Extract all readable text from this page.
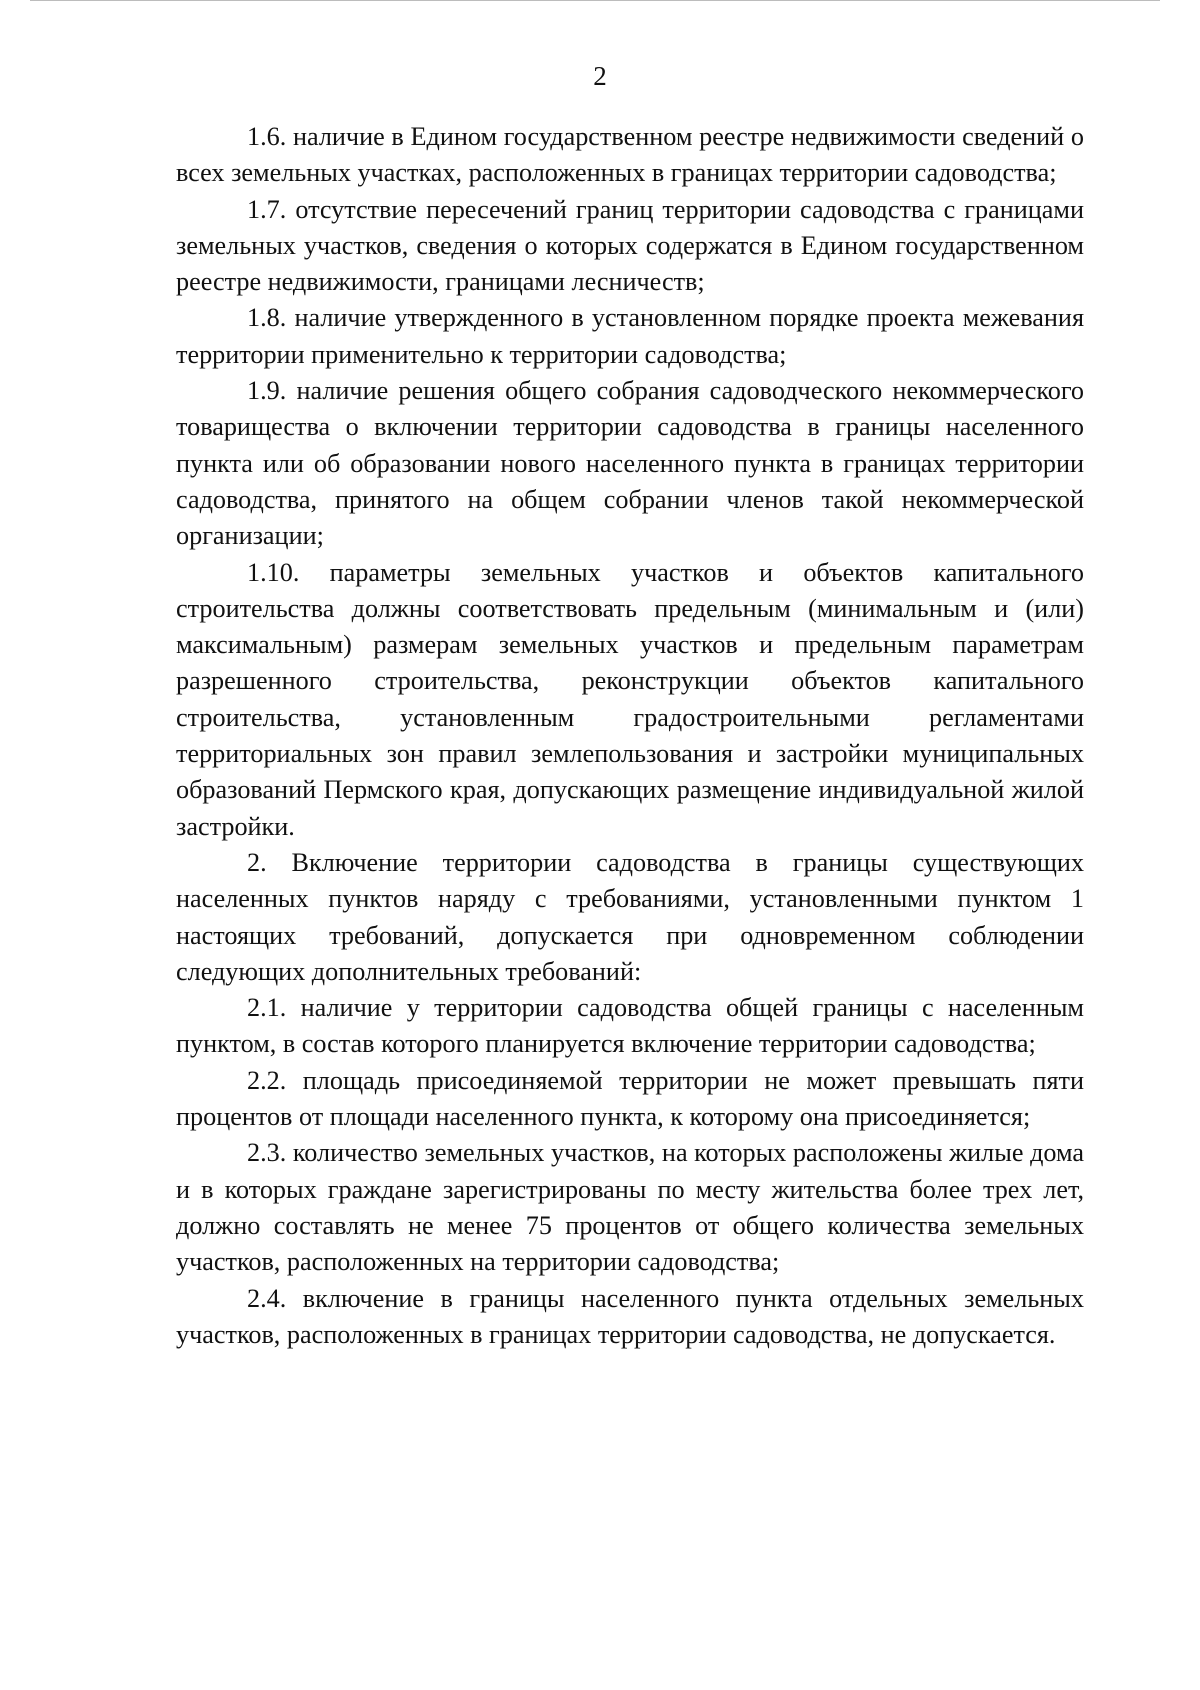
2

1.6. наличие в Едином государственном реестре недвижимости сведений о всех земельных участках, расположенных в границах территории садоводства;

1.7. отсутствие пересечений границ территории садоводства с границами земельных участков, сведения о которых содержатся в Едином государственном реестре недвижимости, границами лесничеств;

1.8. наличие утвержденного в установленном порядке проекта межевания территории применительно к территории садоводства;

1.9. наличие решения общего собрания садоводческого некоммерческого товарищества о включении территории садоводства в границы населенного пункта или об образовании нового населенного пункта в границах территории садоводства, принятого на общем собрании членов такой некоммерческой организации;

1.10. параметры земельных участков и объектов капитального строительства должны соответствовать предельным (минимальным и (или) максимальным) размерам земельных участков и предельным параметрам разрешенного строительства, реконструкции объектов капитального строительства, установленным градостроительными регламентами территориальных зон правил землепользования и застройки муниципальных образований Пермского края, допускающих размещение индивидуальной жилой застройки.

2. Включение территории садоводства в границы существующих населенных пунктов наряду с требованиями, установленными пунктом 1 настоящих требований, допускается при одновременном соблюдении следующих дополнительных требований:

2.1. наличие у территории садоводства общей границы с населенным пунктом, в состав которого планируется включение территории садоводства;

2.2. площадь присоединяемой территории не может превышать пяти процентов от площади населенного пункта, к которому она присоединяется;

2.3. количество земельных участков, на которых расположены жилые дома и в которых граждане зарегистрированы по месту жительства более трех лет, должно составлять не менее 75 процентов от общего количества земельных участков, расположенных на территории садоводства;

2.4. включение в границы населенного пункта отдельных земельных участков, расположенных в границах территории садоводства, не допускается.
